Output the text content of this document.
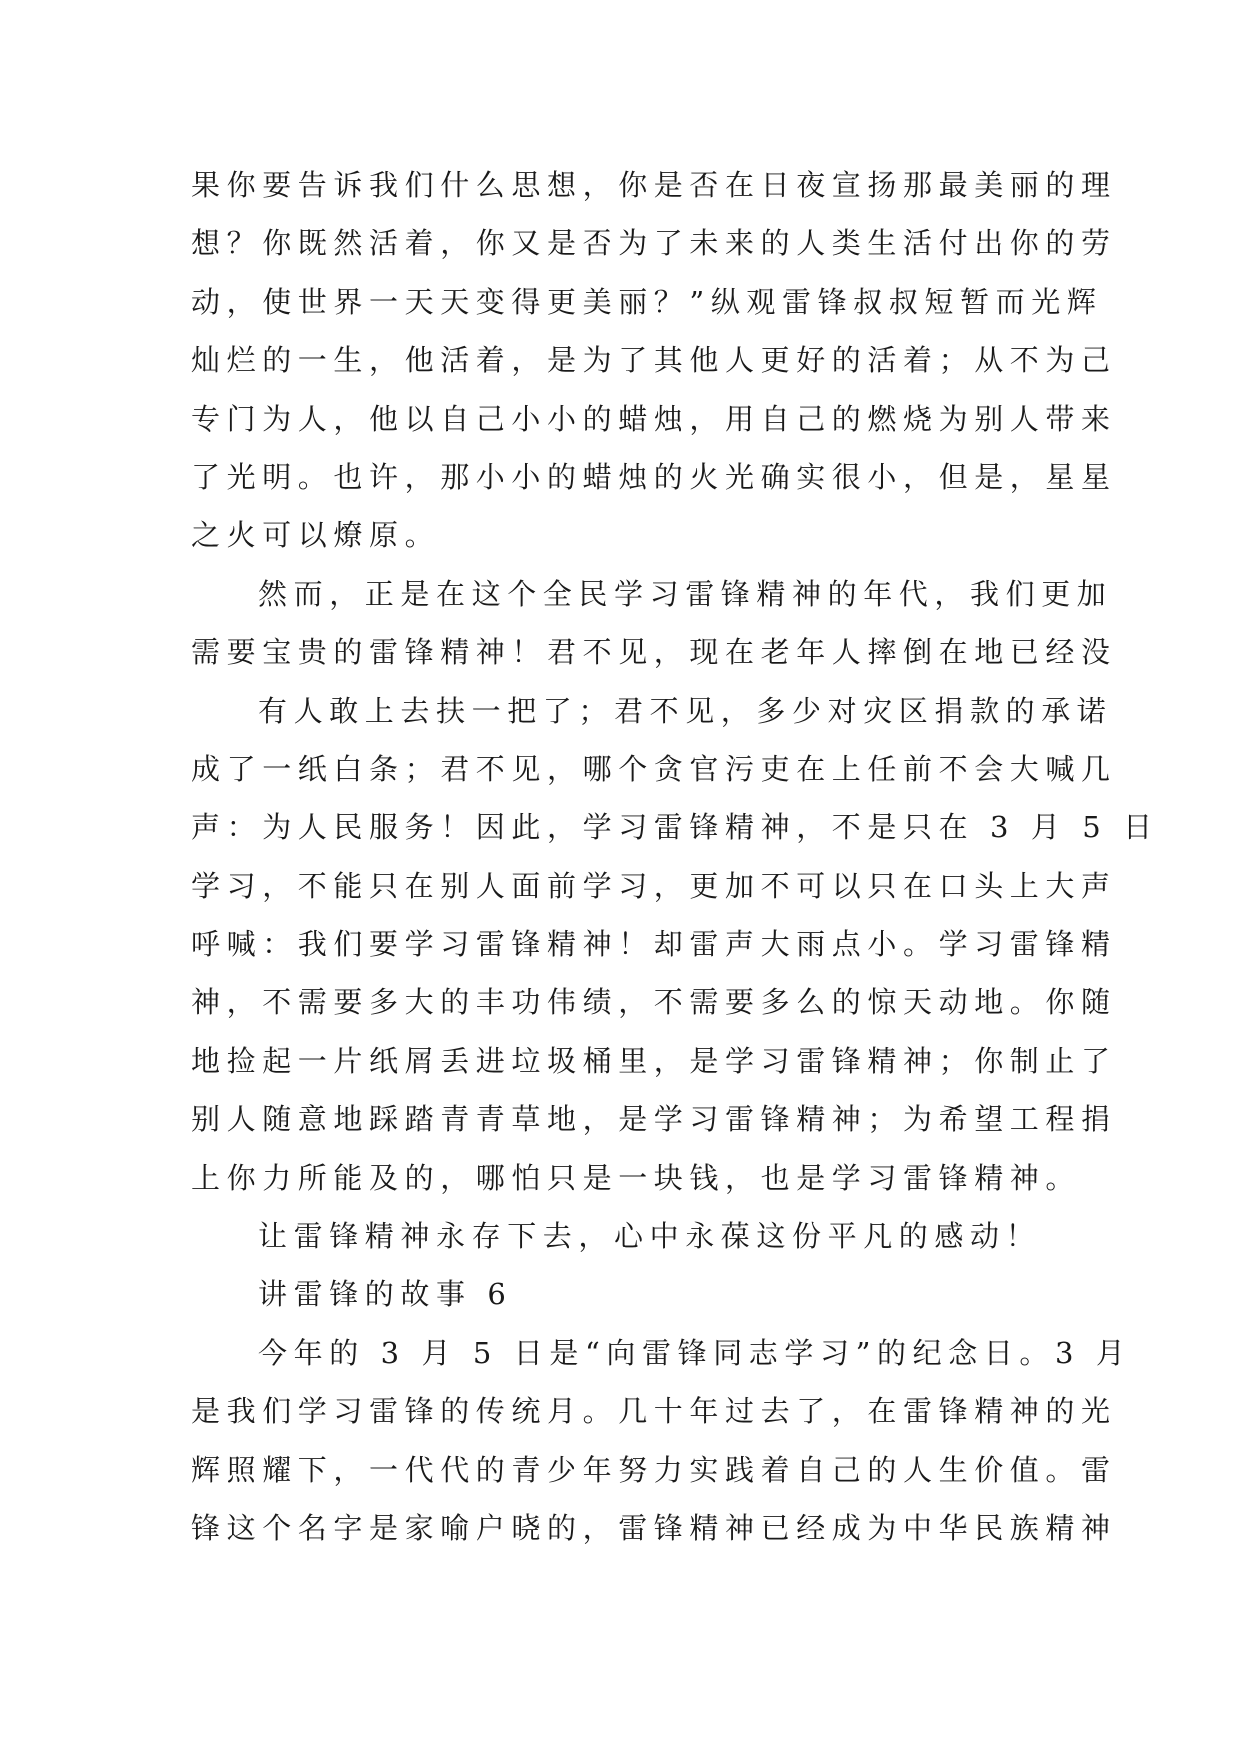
果你要告诉我们什么思想，你是否在日夜宣扬那最美丽的理
想？你既然活着，你又是否为了未来的人类生活付出你的劳
动，使世界一天天变得更美丽？”纵观雷锋叔叔短暂而光辉
灿烂的一生，他活着，是为了其他人更好的活着；从不为己
专门为人，他以自己小小的蜡烛，用自己的燃烧为别人带来
了光明。也许，那小小的蜡烛的火光确实很小，但是，星星
之火可以燎原。
然而，正是在这个全民学习雷锋精神的年代，我们更加
需要宝贵的雷锋精神！君不见，现在老年人摔倒在地已经没
有人敢上去扶一把了；君不见，多少对灾区捐款的承诺
成了一纸白条；君不见，哪个贪官污吏在上任前不会大喊几
声：为人民服务！因此，学习雷锋精神，不是只在 3 月 5 日
学习，不能只在别人面前学习，更加不可以只在口头上大声
呼喊：我们要学习雷锋精神！却雷声大雨点小。学习雷锋精
神，不需要多大的丰功伟绩，不需要多么的惊天动地。你随
地捡起一片纸屑丢进垃圾桶里，是学习雷锋精神；你制止了
别人随意地踩踏青青草地，是学习雷锋精神；为希望工程捐
上你力所能及的，哪怕只是一块钱，也是学习雷锋精神。
让雷锋精神永存下去，心中永葆这份平凡的感动！
讲雷锋的故事 6
今年的 3 月 5 日是“向雷锋同志学习”的纪念日。3 月
是我们学习雷锋的传统月。几十年过去了，在雷锋精神的光
辉照耀下，一代代的青少年努力实践着自己的人生价值。雷
锋这个名字是家喻户晓的，雷锋精神已经成为中华民族精神
